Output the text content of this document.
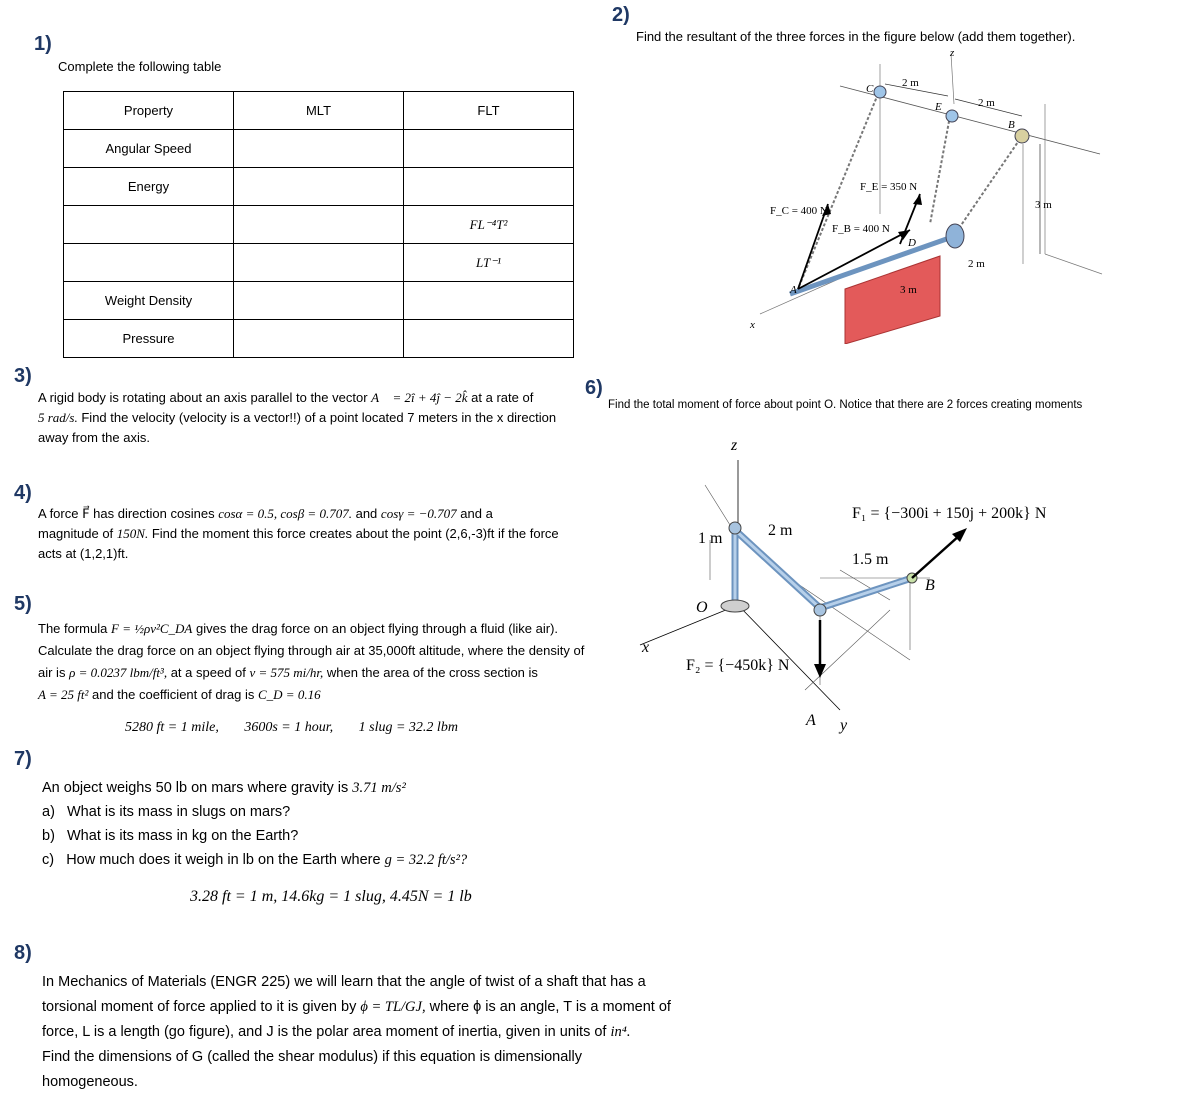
1)
Complete the following table
Property	MLT	FLT
Angular Speed		
Energy		
		FL⁻⁴T²
		LT⁻¹
Weight Density		
Pressure		
2)
Find the resultant of the three forces in the figure below (add them together).
C
E
B
D
A
x
z
2 m
2 m
2 m
3 m
3 m
F_E = 350 N
F_C = 400 N
F_B = 400 N
3)
A rigid body is rotating about an axis parallel to the vector A⃗ = 2î + 4ĵ − 2k̂ at a rate of
5 rad/s. Find the velocity (velocity is a vector!!) of a point located 7 meters in the x direction
away from the axis.
4)
A force F⃗ has direction cosines cosα = 0.5, cosβ = 0.707. and cosγ = −0.707 and a
magnitude of 150N. Find the moment this force creates about the point (2,6,-3)ft if the force
acts at (1,2,1)ft.
5)
The formula F = ½ρv²C_DA gives the drag force on an object flying through a fluid (like air).
Calculate the drag force on an object flying through air at 35,000ft altitude, where the density of
air is ρ = 0.0237 lbm/ft³, at a speed of v = 575 mi/hr, when the area of the cross section is
A = 25 ft² and the coefficient of drag is C_D = 0.16
5280 ft = 1 mile, 3600s = 1 hour, 1 slug = 32.2 lbm
6)
Find the total moment of force about point O. Notice that there are 2 forces creating moments
z
x
y
O
A
B
1 m	2 m
1.5 m
F₁ = {−300i + 150j + 200k} N
F₂ = {−450k} N
7)
An object weighs 50 lb on mars where gravity is 3.71 m/s²
a) What is its mass in slugs on mars?
b) What is its mass in kg on the Earth?
c) How much does it weigh in lb on the Earth where g = 32.2 ft/s²?
3.28 ft = 1 m, 14.6kg = 1 slug, 4.45N = 1 lb
8)
In Mechanics of Materials (ENGR 225) we will learn that the angle of twist of a shaft that has a
torsional moment of force applied to it is given by ϕ = TL/GJ, where ϕ is an angle, T is a moment of
force, L is a length (go figure), and J is the polar area moment of inertia, given in units of in⁴.
Find the dimensions of G (called the shear modulus) if this equation is dimensionally
homogeneous.
